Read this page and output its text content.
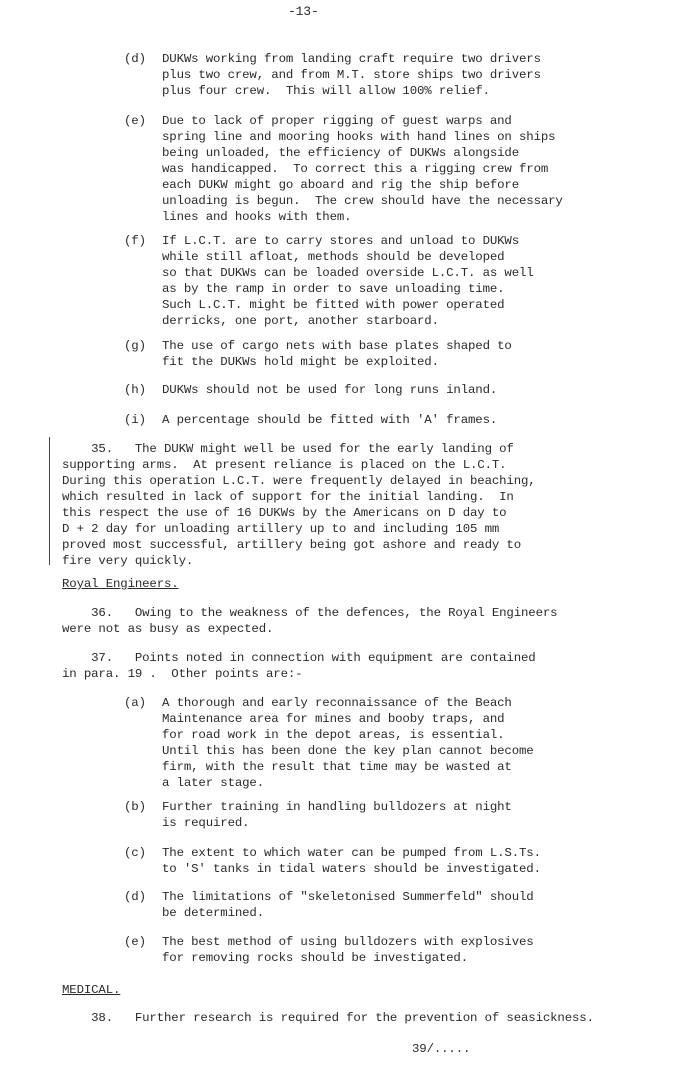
-13-
(d) DUKWs working from landing craft require two drivers
plus two crew, and from M.T. store ships two drivers
plus four crew.  This will allow 100% relief.
(e) Due to lack of proper rigging of guest warps and
spring line and mooring hooks with hand lines on ships
being unloaded, the efficiency of DUKWs alongside
was handicapped.  To correct this a rigging crew from
each DUKW might go aboard and rig the ship before
unloading is begun.  The crew should have the necessary
lines and hooks with them.
(f) If L.C.T. are to carry stores and unload to DUKWs
while still afloat, methods should be developed
so that DUKWs can be loaded overside L.C.T. as well
as by the ramp in order to save unloading time.
Such L.C.T. might be fitted with power operated
derricks, one port, another starboard.
(g) The use of cargo nets with base plates shaped to
fit the DUKWs hold might be exploited.
(h) DUKWs should not be used for long runs inland.
(i) A percentage should be fitted with 'A' frames.
35.   The DUKW might well be used for the early landing of
supporting arms.  At present reliance is placed on the L.C.T.
During this operation L.C.T. were frequently delayed in beaching,
which resulted in lack of support for the initial landing.  In
this respect the use of 16 DUKWs by the Americans on D day to
D + 2 day for unloading artillery up to and including 105 mm
proved most successful, artillery being got ashore and ready to
fire very quickly.
Royal Engineers.
36.   Owing to the weakness of the defences, the Royal Engineers
were not as busy as expected.
37.   Points noted in connection with equipment are contained
in para. 19 .  Other points are:-
(a) A thorough and early reconnaissance of the Beach
Maintenance area for mines and booby traps, and
for road work in the depot areas, is essential.
Until this has been done the key plan cannot become
firm, with the result that time may be wasted at
a later stage.
(b) Further training in handling bulldozers at night
is required.
(c) The extent to which water can be pumped from L.S.Ts.
to 'S' tanks in tidal waters should be investigated.
(d) The limitations of "skeletonised Summerfeld" should
be determined.
(e) The best method of using bulldozers with explosives
for removing rocks should be investigated.
MEDICAL.
38.   Further research is required for the prevention of seasickness.
39/.....
